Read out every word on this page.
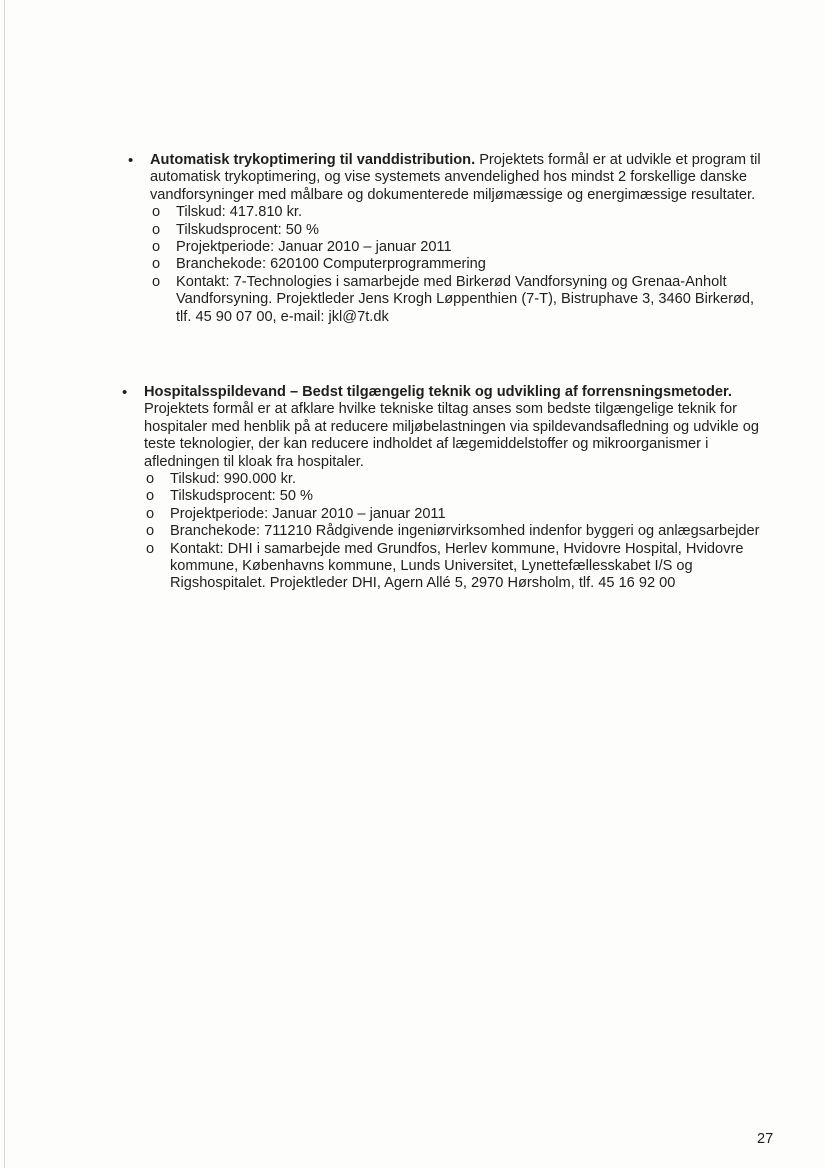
•	Automatisk trykoptimering til vanddistribution. Projektets formål er at udvikle et program til automatisk trykoptimering, og vise systemets anvendelighed hos mindst 2 forskellige danske vandforsyninger med målbare og dokumenterede miljømæssige og energimæssige resultater.
o	Tilskud: 417.810 kr.
o	Tilskudsprocent: 50 %
o	Projektperiode: Januar 2010 – januar 2011
o	Branchekode: 620100 Computerprogrammering
o	Kontakt: 7-Technologies i samarbejde med Birkerød Vandforsyning og Grenaa-Anholt Vandforsyning. Projektleder Jens Krogh Løppenthien (7-T), Bistruphave 3, 3460 Birkerød, tlf. 45 90 07 00, e-mail: jkl@7t.dk
•	Hospitalsspildevand – Bedst tilgængelig teknik og udvikling af forrensningsmetoder. Projektets formål er at afklare hvilke tekniske tiltag anses som bedste tilgængelige teknik for hospitaler med henblik på at reducere miljøbelastningen via spildevandsafledning og udvikle og teste teknologier, der kan reducere indholdet af lægemiddelstoffer og mikroorganismer i afledningen til kloak fra hospitaler.
o	Tilskud: 990.000 kr.
o	Tilskudsprocent: 50 %
o	Projektperiode: Januar 2010 – januar 2011
o	Branchekode: 711210 Rådgivende ingeniørvirksomhed indenfor byggeri og anlægsarbejder
o	Kontakt: DHI i samarbejde med Grundfos, Herlev kommune, Hvidovre Hospital, Hvidovre kommune, Københavns kommune, Lunds Universitet, Lynettefællesskabet I/S og Rigshospitalet. Projektleder DHI, Agern Allé 5, 2970 Hørsholm, tlf. 45 16 92 00
27
